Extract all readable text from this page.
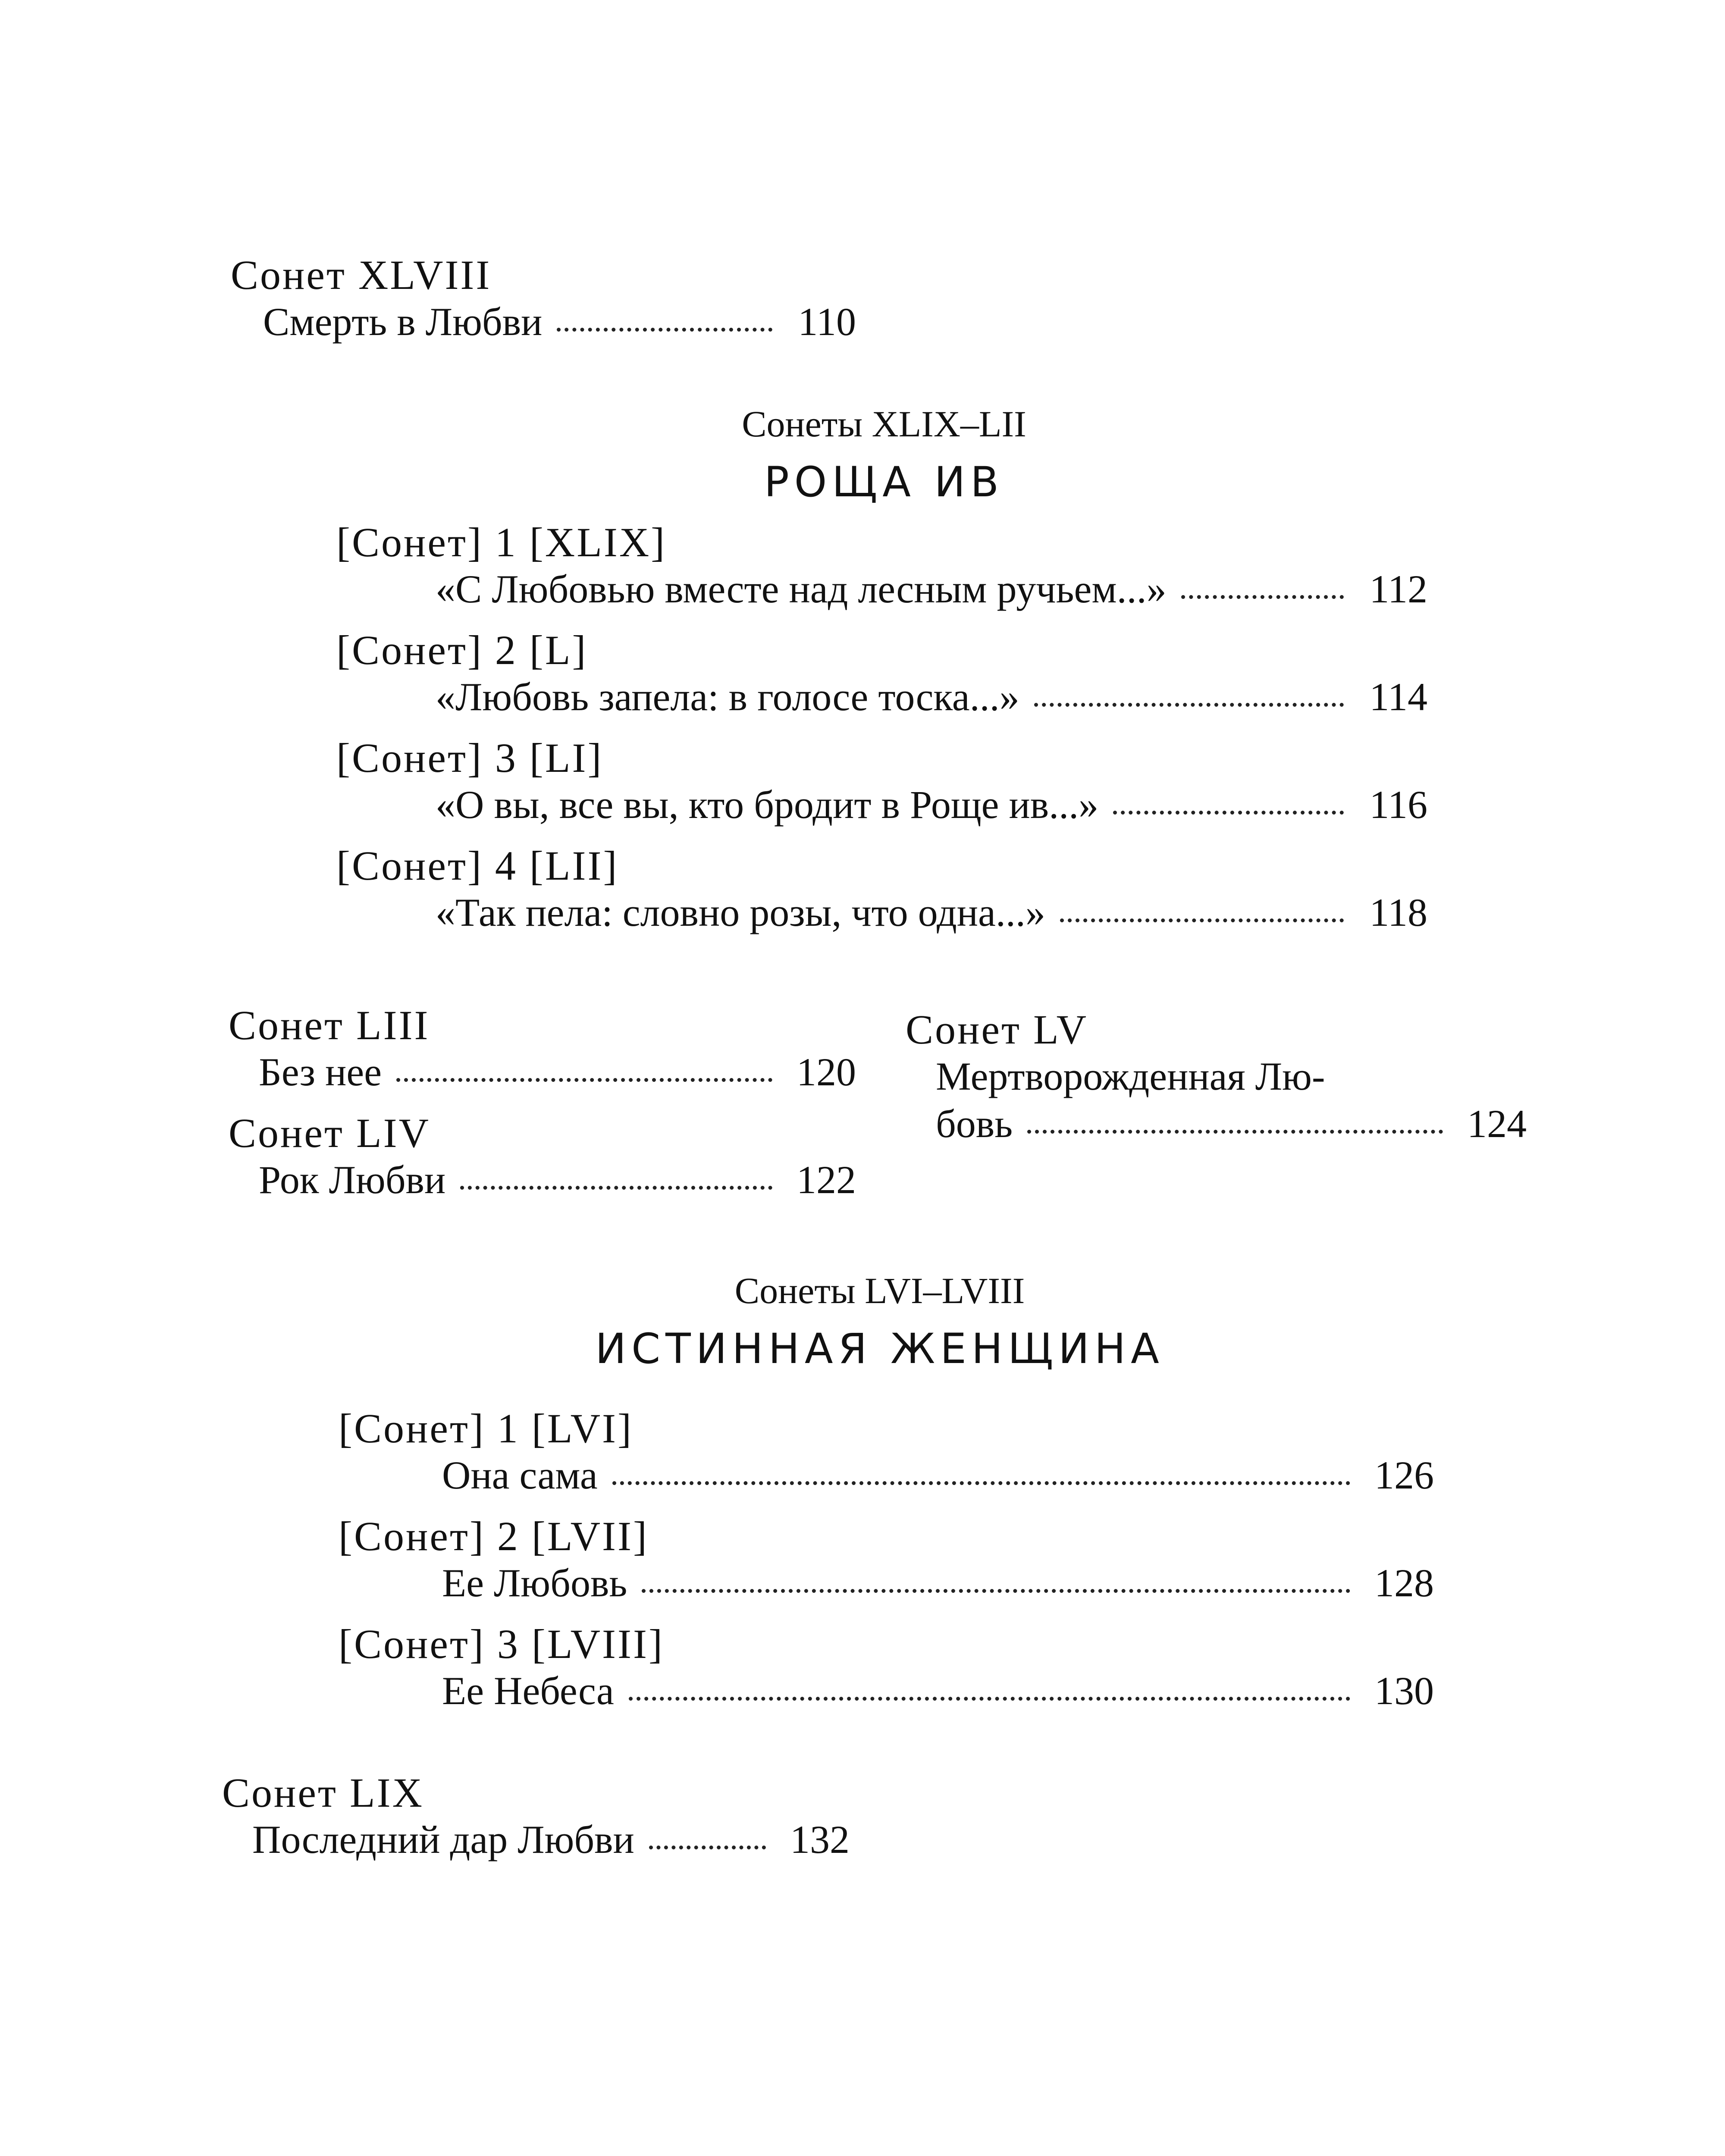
Сонет XLVIII
Смерть в Любви	110
Сонеты XLIX–LII
РОЩА ИВ
[Сонет] 1 [XLIX]
«С Любовью вместе над лесным ручьем...»	112
[Сонет] 2 [L]
«Любовь запела: в голосе тоска...»	114
[Сонет] 3 [LI]
«О вы, все вы, кто бродит в Роще ив...»	116
[Сонет] 4 [LII]
«Так пела: словно розы, что одна...»	118
Сонет LIII
Без нее	120
Сонет LIV
Рок Любви	122
Сонет LV
Мертворожденная Лю-
бовь	124
Сонеты LVI–LVIII
ИСТИННАЯ ЖЕНЩИНА
[Сонет] 1 [LVI]
Она сама	126
[Сонет] 2 [LVII]
Ее Любовь	128
[Сонет] 3 [LVIII]
Ее Небеса	130
Сонет LIX
Последний дар Любви	132
